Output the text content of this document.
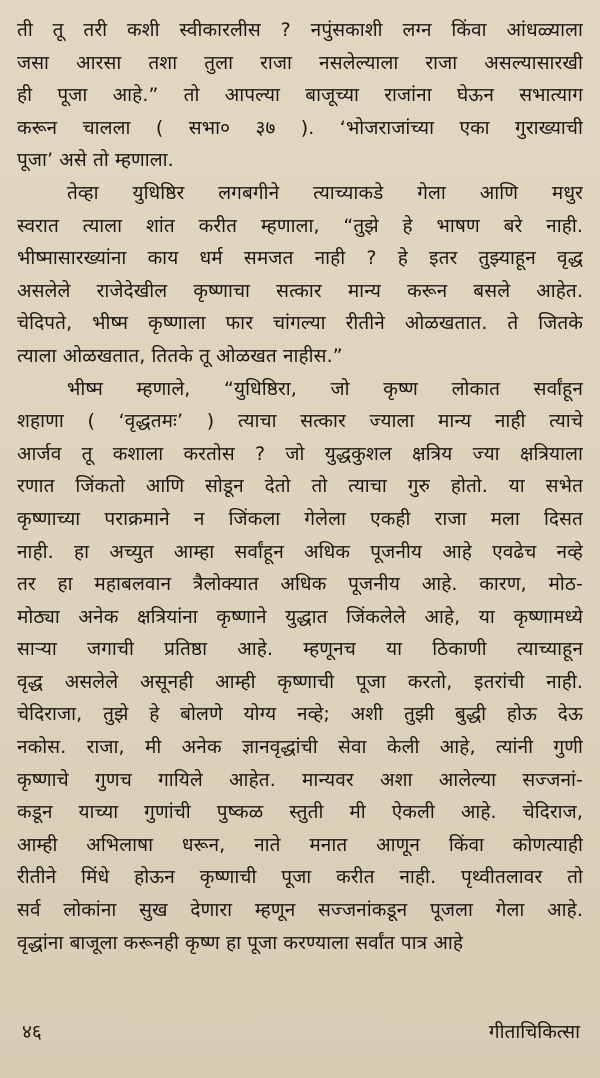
ती तू तरी कशी स्वीकारलीस ? नपुंसकाशी लग्न किंवा आंधळ्याला
जसा आरसा तशा तुला राजा नसलेल्याला राजा असल्यासारखी
ही पूजा आहे.” तो आपल्या बाजूच्या राजांना घेऊन सभात्याग
करून चालला ( सभा० ३७ ). ‘भोजराजांच्या एका गुराख्याची
पूजा’ असे तो म्हणाला.
तेव्हा युधिष्ठिर लगबगीने त्याच्याकडे गेला आणि मधुर
स्वरात त्याला शांत करीत म्हणाला, “तुझे हे भाषण बरे नाही.
भीष्मासारख्यांना काय धर्म समजत नाही ? हे इतर तुझ्याहून वृद्ध
असलेले राजेदेखील कृष्णाचा सत्कार मान्य करून बसले आहेत.
चेदिपते, भीष्म कृष्णाला फार चांगल्या रीतीने ओळखतात. ते जितके
त्याला ओळखतात, तितके तू ओळखत नाहीस.”
भीष्म म्हणाले, “युधिष्ठिरा, जो कृष्ण लोकात सर्वांहून
शहाणा ( ‘वृद्धतमः’ ) त्याचा सत्कार ज्याला मान्य नाही त्याचे
आर्जव तू कशाला करतोस ? जो युद्धकुशल क्षत्रिय ज्या क्षत्रियाला
रणात जिंकतो आणि सोडून देतो तो त्याचा गुरु होतो. या सभेत
कृष्णाच्या पराक्रमाने न जिंकला गेलेला एकही राजा मला दिसत
नाही. हा अच्युत आम्हा सर्वांहून अधिक पूजनीय आहे एवढेच नव्हे
तर हा महाबलवान त्रैलोक्यात अधिक पूजनीय आहे. कारण, मोठ-
मोठ्या अनेक क्षत्रियांना कृष्णाने युद्धात जिंकलेले आहे, या कृष्णामध्ये
साऱ्या जगाची प्रतिष्ठा आहे. म्हणूनच या ठिकाणी त्याच्याहून
वृद्ध असलेले असूनही आम्ही कृष्णाची पूजा करतो, इतरांची नाही.
चेदिराजा, तुझे हे बोलणे योग्य नव्हे; अशी तुझी बुद्धी होऊ देऊ
नकोस. राजा, मी अनेक ज्ञानवृद्धांची सेवा केली आहे, त्यांनी गुणी
कृष्णाचे गुणच गायिले आहेत. मान्यवर अशा आलेल्या सज्जनां-
कडून याच्या गुणांची पुष्कळ स्तुती मी ऐकली आहे. चेदिराज,
आम्ही अभिलाषा धरून, नाते मनात आणून किंवा कोणत्याही
रीतीने मिंधे होऊन कृष्णाची पूजा करीत नाही. पृथ्वीतलावर तो
सर्व लोकांना सुख देणारा म्हणून सज्जनांकडून पूजला गेला आहे.
वृद्धांना बाजूला करूनही कृष्ण हा पूजा करण्याला सर्वांत पात्र आहे
४६	गीताचिकित्सा
